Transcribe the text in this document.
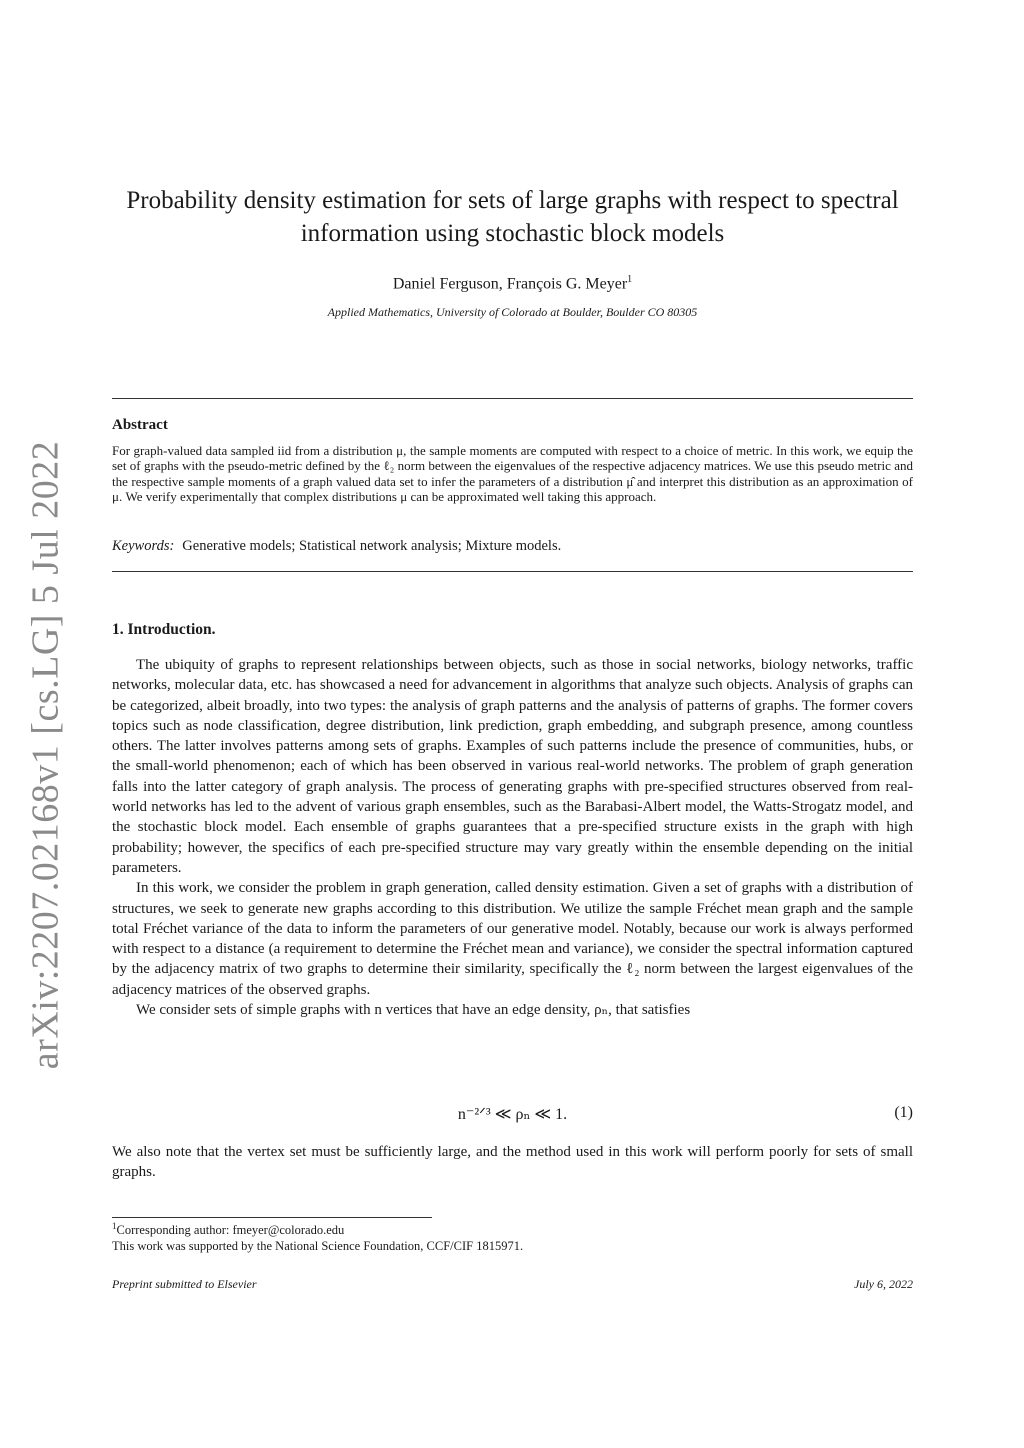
arXiv:2207.02168v1 [cs.LG] 5 Jul 2022
Probability density estimation for sets of large graphs with respect to spectral information using stochastic block models
Daniel Ferguson, François G. Meyer$^1$
Applied Mathematics, University of Colorado at Boulder, Boulder CO 80305
Abstract
For graph-valued data sampled iid from a distribution μ, the sample moments are computed with respect to a choice of metric. In this work, we equip the set of graphs with the pseudo-metric defined by the ℓ₂ norm between the eigenvalues of the respective adjacency matrices. We use this pseudo metric and the respective sample moments of a graph valued data set to infer the parameters of a distribution μ̂ and interpret this distribution as an approximation of μ. We verify experimentally that complex distributions μ can be approximated well taking this approach.
Keywords: Generative models; Statistical network analysis; Mixture models.
1. Introduction.

The ubiquity of graphs to represent relationships between objects, such as those in social networks, biology networks, traffic networks, molecular data, etc. has showcased a need for advancement in algorithms that analyze such objects. Analysis of graphs can be categorized, albeit broadly, into two types: the analysis of graph patterns and the analysis of patterns of graphs. The former covers topics such as node classification, degree distribution, link prediction, graph embedding, and subgraph presence, among countless others. The latter involves patterns among sets of graphs. Examples of such patterns include the presence of communities, hubs, or the small-world phenomenon; each of which has been observed in various real-world networks. The problem of graph generation falls into the latter category of graph analysis. The process of generating graphs with pre-specified structures observed from real-world networks has led to the advent of various graph ensembles, such as the Barabasi-Albert model, the Watts-Strogatz model, and the stochastic block model. Each ensemble of graphs guarantees that a pre-specified structure exists in the graph with high probability; however, the specifics of each pre-specified structure may vary greatly within the ensemble depending on the initial parameters.

In this work, we consider the problem in graph generation, called density estimation. Given a set of graphs with a distribution of structures, we seek to generate new graphs according to this distribution. We utilize the sample Fréchet mean graph and the sample total Fréchet variance of the data to inform the parameters of our generative model. Notably, because our work is always performed with respect to a distance (a requirement to determine the Fréchet mean and variance), we consider the spectral information captured by the adjacency matrix of two graphs to determine their similarity, specifically the ℓ₂ norm between the largest eigenvalues of the adjacency matrices of the observed graphs.

We consider sets of simple graphs with n vertices that have an edge density, ρₙ, that satisfies

n⁻²ᐟ³ ≪ ρₙ ≪ 1.	(1)

We also note that the vertex set must be sufficiently large, and the method used in this work will perform poorly for sets of small graphs.

$^1$Corresponding author: fmeyer@colorado.edu
This work was supported by the National Science Foundation, CCF/CIF 1815971.
Preprint submitted to Elsevier	July 6, 2022
